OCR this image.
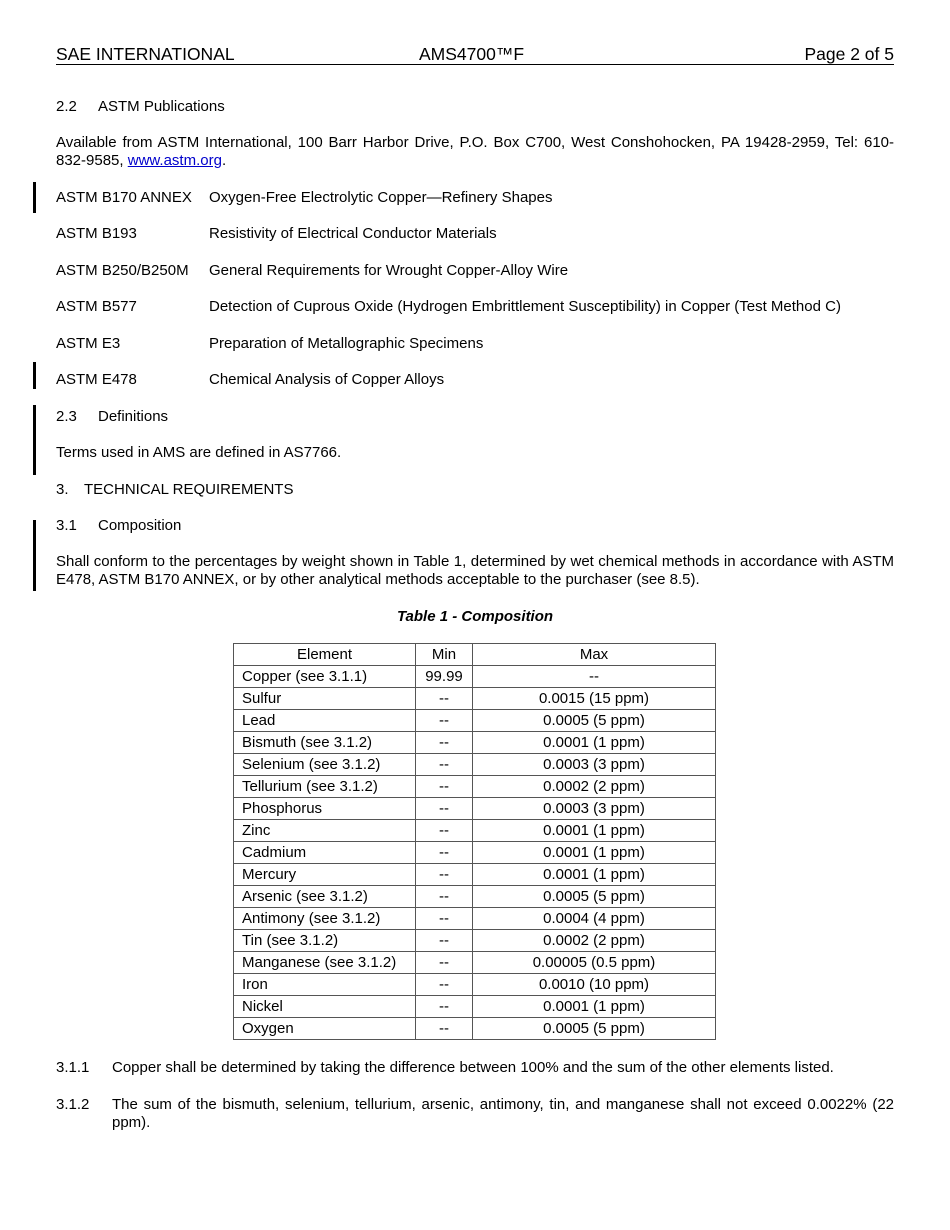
SAE INTERNATIONAL	AMS4700™F	Page 2 of 5
2.2 ASTM Publications
Available from ASTM International, 100 Barr Harbor Drive, P.O. Box C700, West Conshohocken, PA 19428-2959, Tel: 610-832-9585, www.astm.org.
ASTM B170 ANNEX Oxygen-Free Electrolytic Copper—Refinery Shapes
ASTM B193	Resistivity of Electrical Conductor Materials
ASTM B250/B250M General Requirements for Wrought Copper-Alloy Wire
ASTM B577	Detection of Cuprous Oxide (Hydrogen Embrittlement Susceptibility) in Copper (Test Method C)
ASTM E3	Preparation of Metallographic Specimens
ASTM E478	Chemical Analysis of Copper Alloys
2.3 Definitions
Terms used in AMS are defined in AS7766.
3. TECHNICAL REQUIREMENTS
3.1 Composition
Shall conform to the percentages by weight shown in Table 1, determined by wet chemical methods in accordance with ASTM E478, ASTM B170 ANNEX, or by other analytical methods acceptable to the purchaser (see 8.5).
Table 1 - Composition
Element	Min	Max
Copper (see 3.1.1)	99.99	--
Sulfur	--	0.0015 (15 ppm)
Lead	--	0.0005 (5 ppm)
Bismuth (see 3.1.2)	--	0.0001 (1 ppm)
Selenium (see 3.1.2)	--	0.0003 (3 ppm)
Tellurium (see 3.1.2)	--	0.0002 (2 ppm)
Phosphorus	--	0.0003 (3 ppm)
Zinc	--	0.0001 (1 ppm)
Cadmium	--	0.0001 (1 ppm)
Mercury	--	0.0001 (1 ppm)
Arsenic (see 3.1.2)	--	0.0005 (5 ppm)
Antimony (see 3.1.2)	--	0.0004 (4 ppm)
Tin (see 3.1.2)	--	0.0002 (2 ppm)
Manganese (see 3.1.2)	--	0.00005 (0.5 ppm)
Iron	--	0.0010 (10 ppm)
Nickel	--	0.0001 (1 ppm)
Oxygen	--	0.0005 (5 ppm)
3.1.1 Copper shall be determined by taking the difference between 100% and the sum of the other elements listed.
3.1.2 The sum of the bismuth, selenium, tellurium, arsenic, antimony, tin, and manganese shall not exceed 0.0022% (22 ppm).
